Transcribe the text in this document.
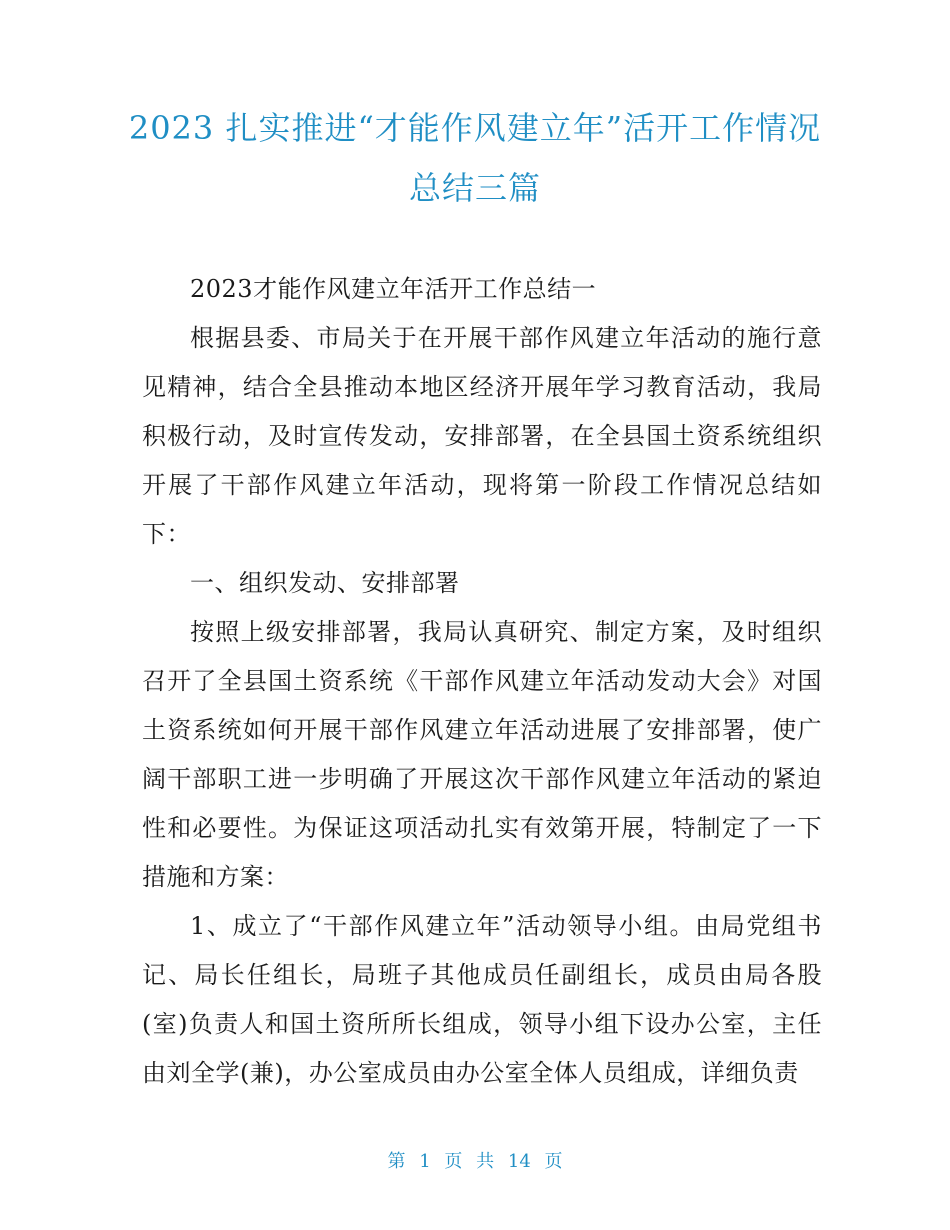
2023 扎实推进“才能作风建立年”活开工作情况总结三篇

2023才能作风建立年活开工作总结一

根据县委、市局关于在开展干部作风建立年活动的施行意见精神，结合全县推动本地区经济开展年学习教育活动，我局积极行动，及时宣传发动，安排部署，在全县国土资系统组织开展了干部作风建立年活动，现将第一阶段工作情况总结如下：

一、组织发动、安排部署

按照上级安排部署，我局认真研究、制定方案，及时组织召开了全县国土资系统《干部作风建立年活动发动大会》对国土资系统如何开展干部作风建立年活动进展了安排部署，使广阔干部职工进一步明确了开展这次干部作风建立年活动的紧迫性和必要性。为保证这项活动扎实有效第开展，特制定了一下措施和方案：

1、成立了“干部作风建立年”活动领导小组。由局党组书记、局长任组长，局班子其他成员任副组长，成员由局各股(室)负责人和国土资所所长组成，领导小组下设办公室，主任由刘全学(兼)，办公室成员由办公室全体人员组成，详细负责

第 1 页 共 14 页
